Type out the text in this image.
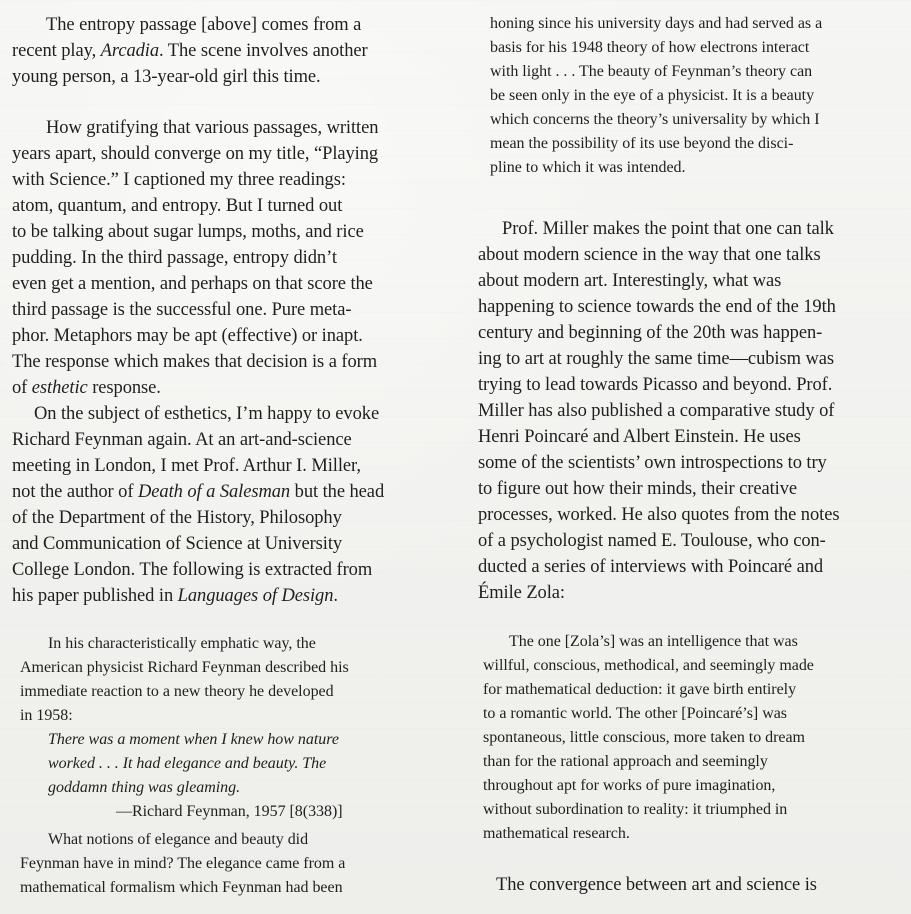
The entropy passage [above] comes from a
recent play, Arcadia. The scene involves another
young person, a 13-year-old girl this time.
How gratifying that various passages, written
years apart, should converge on my title, “Playing
with Science.” I captioned my three readings:
atom, quantum, and entropy. But I turned out
to be talking about sugar lumps, moths, and rice
pudding. In the third passage, entropy didn’t
even get a mention, and perhaps on that score the
third passage is the successful one. Pure meta-
phor. Metaphors may be apt (effective) or inapt.
The response which makes that decision is a form
of esthetic response.
On the subject of esthetics, I’m happy to evoke
Richard Feynman again. At an art-and-science
meeting in London, I met Prof. Arthur I. Miller,
not the author of Death of a Salesman but the head
of the Department of the History, Philosophy
and Communication of Science at University
College London. The following is extracted from
his paper published in Languages of Design.
In his characteristically emphatic way, the
American physicist Richard Feynman described his
immediate reaction to a new theory he developed
in 1958:
There was a moment when I knew how nature
worked . . . It had elegance and beauty. The
goddamn thing was gleaming.
—Richard Feynman, 1957 [8(338)]
What notions of elegance and beauty did
Feynman have in mind? The elegance came from a
mathematical formalism which Feynman had been
honing since his university days and had served as a
basis for his 1948 theory of how electrons interact
with light . . . The beauty of Feynman’s theory can
be seen only in the eye of a physicist. It is a beauty
which concerns the theory’s universality by which I
mean the possibility of its use beyond the disci-
pline to which it was intended.
Prof. Miller makes the point that one can talk
about modern science in the way that one talks
about modern art. Interestingly, what was
happening to science towards the end of the 19th
century and beginning of the 20th was happen-
ing to art at roughly the same time—cubism was
trying to lead towards Picasso and beyond. Prof.
Miller has also published a comparative study of
Henri Poincaré and Albert Einstein. He uses
some of the scientists’ own introspections to try
to figure out how their minds, their creative
processes, worked. He also quotes from the notes
of a psychologist named E. Toulouse, who con-
ducted a series of interviews with Poincaré and
Émile Zola:
The one [Zola’s] was an intelligence that was
willful, conscious, methodical, and seemingly made
for mathematical deduction: it gave birth entirely
to a romantic world. The other [Poincaré’s] was
spontaneous, little conscious, more taken to dream
than for the rational approach and seemingly
throughout apt for works of pure imagination,
without subordination to reality: it triumphed in
mathematical research.
The convergence between art and science is
